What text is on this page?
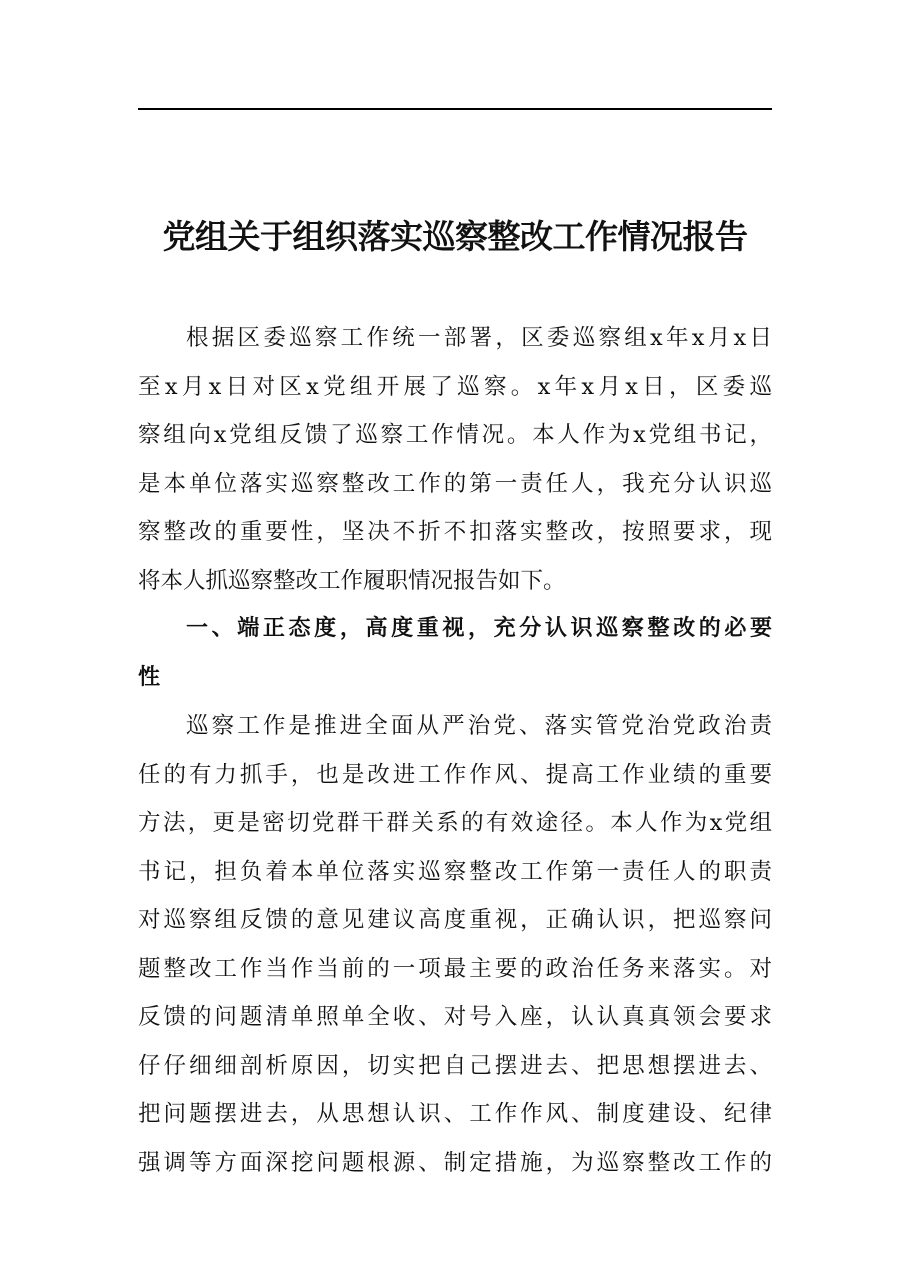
党组关于组织落实巡察整改工作情况报告
根据区委巡察工作统一部署，区委巡察组x年x月x日
至x月x日对区x党组开展了巡察。x年x月x日，区委巡
察组向x党组反馈了巡察工作情况。本人作为x党组书记，
是本单位落实巡察整改工作的第一责任人，我充分认识巡
察整改的重要性，坚决不折不扣落实整改，按照要求，现
将本人抓巡察整改工作履职情况报告如下。
一、端正态度，高度重视，充分认识巡察整改的必要
性
巡察工作是推进全面从严治党、落实管党治党政治责
任的有力抓手，也是改进工作作风、提高工作业绩的重要
方法，更是密切党群干群关系的有效途径。本人作为x党组
书记，担负着本单位落实巡察整改工作第一责任人的职责
对巡察组反馈的意见建议高度重视，正确认识，把巡察问
题整改工作当作当前的一项最主要的政治任务来落实。对
反馈的问题清单照单全收、对号入座，认认真真领会要求
仔仔细细剖析原因，切实把自己摆进去、把思想摆进去、
把问题摆进去，从思想认识、工作作风、制度建设、纪律
强调等方面深挖问题根源、制定措施，为巡察整改工作的
